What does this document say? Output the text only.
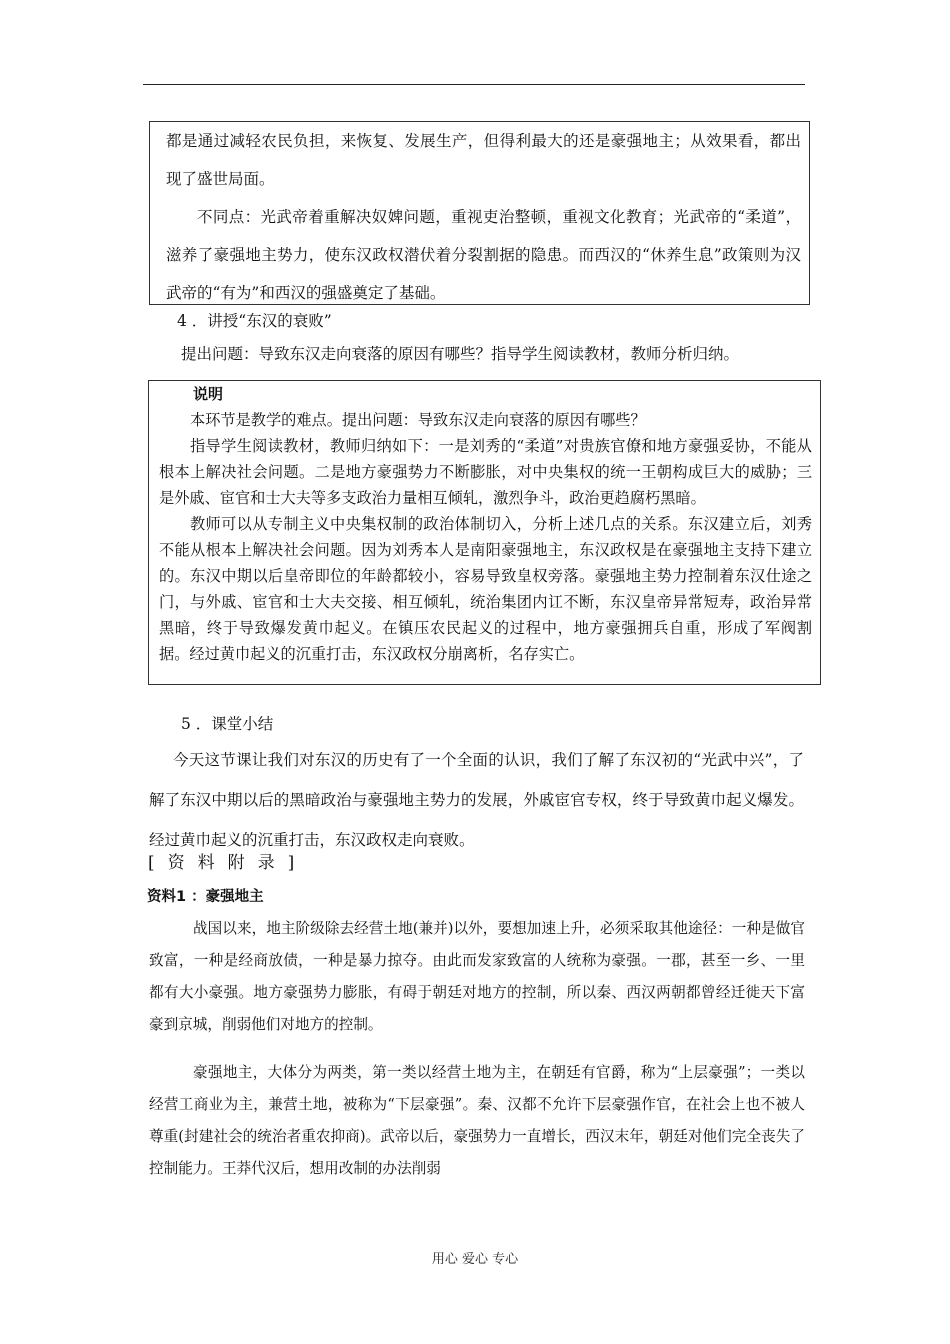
都是通过减轻农民负担，来恢复、发展生产，但得利最大的还是豪强地主；从效果看，都出现了盛世局面。

不同点：光武帝着重解决奴婢问题，重视吏治整顿，重视文化教育；光武帝的“柔道”，滋养了豪强地主势力，使东汉政权潜伏着分裂割据的隐患。而西汉的“休养生息”政策则为汉武帝的“有为”和西汉的强盛奠定了基础。

4 ．讲授“东汉的衰败”

提出问题：导致东汉走向衰落的原因有哪些？指导学生阅读教材，教师分析归纳。

说明

本环节是教学的难点。提出问题：导致东汉走向衰落的原因有哪些？

指导学生阅读教材，教师归纳如下：一是刘秀的“柔道”对贵族官僚和地方豪强妥协，不能从根本上解决社会问题。二是地方豪强势力不断膨胀，对中央集权的统一王朝构成巨大的威胁；三是外戚、宦官和士大夫等多支政治力量相互倾轧，激烈争斗，政治更趋腐朽黑暗。

教师可以从专制主义中央集权制的政治体制切入，分析上述几点的关系。东汉建立后，刘秀不能从根本上解决社会问题。因为刘秀本人是南阳豪强地主，东汉政权是在豪强地主支持下建立的。东汉中期以后皇帝即位的年龄都较小，容易导致皇权旁落。豪强地主势力控制着东汉仕途之门，与外戚、宦官和士大夫交接、相互倾轧，统治集团内讧不断，东汉皇帝异常短寿，政治异常黑暗，终于导致爆发黄巾起义。在镇压农民起义的过程中，地方豪强拥兵自重，形成了军阀割据。经过黄巾起义的沉重打击，东汉政权分崩离析，名存实亡。

5 ．课堂小结

今天这节课让我们对东汉的历史有了一个全面的认识，我们了解了东汉初的“光武中兴”，了解了东汉中期以后的黑暗政治与豪强地主势力的发展，外戚宦官专权，终于导致黄巾起义爆发。经过黄巾起义的沉重打击，东汉政权走向衰败。

[资料附录]

资料1 ：豪强地主

战国以来，地主阶级除去经营土地(兼并)以外，要想加速上升，必须采取其他途径：一种是做官致富，一种是经商放债，一种是暴力掠夺。由此而发家致富的人统称为豪强。一郡，甚至一乡、一里都有大小豪强。地方豪强势力膨胀，有碍于朝廷对地方的控制，所以秦、西汉两朝都曾经迁徙天下富豪到京城，削弱他们对地方的控制。

豪强地主，大体分为两类，第一类以经营土地为主，在朝廷有官爵，称为“上层豪强”；一类以经营工商业为主，兼营土地，被称为“下层豪强”。秦、汉都不允许下层豪强作官，在社会上也不被人尊重(封建社会的统治者重农抑商)。武帝以后，豪强势力一直增长，西汉末年，朝廷对他们完全丧失了控制能力。王莽代汉后，想用改制的办法削弱

用心 爱心 专心
